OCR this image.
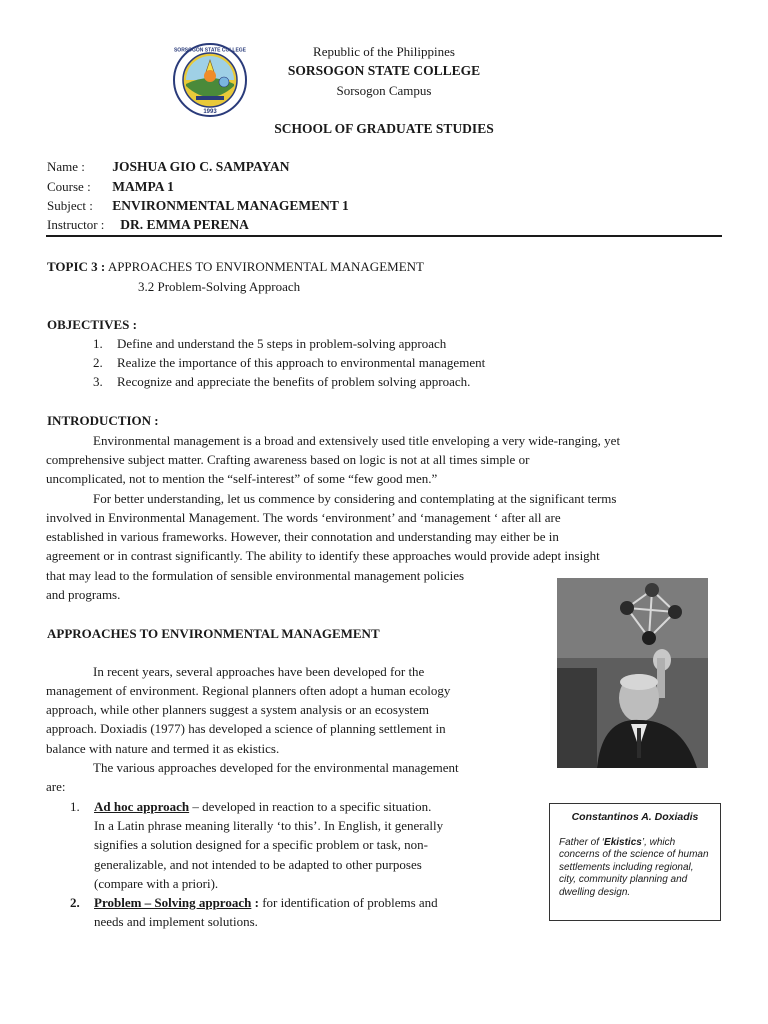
1993
SORSOGON STATE COLLEGE	Republic of the Philippines
SORSOGON STATE COLLEGE
Sorsogon Campus
SCHOOL OF GRADUATE STUDIES
Name : JOSHUA GIO C. SAMPAYAN
Course : MAMPA 1
Subject : ENVIRONMENTAL MANAGEMENT 1
Instructor : DR. EMMA PERENA
TOPIC 3 : APPROACHES TO ENVIRONMENTAL MANAGEMENT
3.2 Problem-Solving Approach
OBJECTIVES :
1. Define and understand the 5 steps in problem-solving approach
2. Realize the importance of this approach to environmental management
3. Recognize and appreciate the benefits of problem solving approach.
INTRODUCTION :
Environmental management is a broad and extensively used title enveloping a very wide-ranging, yet
comprehensive subject matter. Crafting awareness based on logic is not at all times simple or
uncomplicated, not to mention the “self-interest” of some “few good men.”
For better understanding, let us commence by considering and contemplating at the significant terms
involved in Environmental Management. The words ‘environment’ and ‘management ‘ after all are
established in various frameworks. However, their connotation and understanding may either be in
agreement or in contrast significantly. The ability to identify these approaches would provide adept insight
that may lead to the formulation of sensible environmental management policies
and programs.
APPROACHES TO ENVIRONMENTAL MANAGEMENT
In recent years, several approaches have been developed for the
management of environment. Regional planners often adopt a human ecology
approach, while other planners suggest a system analysis or an ecosystem
approach. Doxiadis (1977) has developed a science of planning settlement in
balance with nature and termed it as ekistics.
The various approaches developed for the environmental management
are:
1. Ad hoc approach – developed in reaction to a specific situation.
In a Latin phrase meaning literally ‘to this’. In English, it generally
signifies a solution designed for a specific problem or task, non-
generalizable, and not intended to be adapted to other purposes
(compare with a priori).
2. Problem – Solving approach : for identification of problems and
needs and implement solutions.
Constantinos A. Doxiadis
Father of ‘Ekistics’, which concerns of the science of human settlements including regional, city, community planning and dwelling design.
